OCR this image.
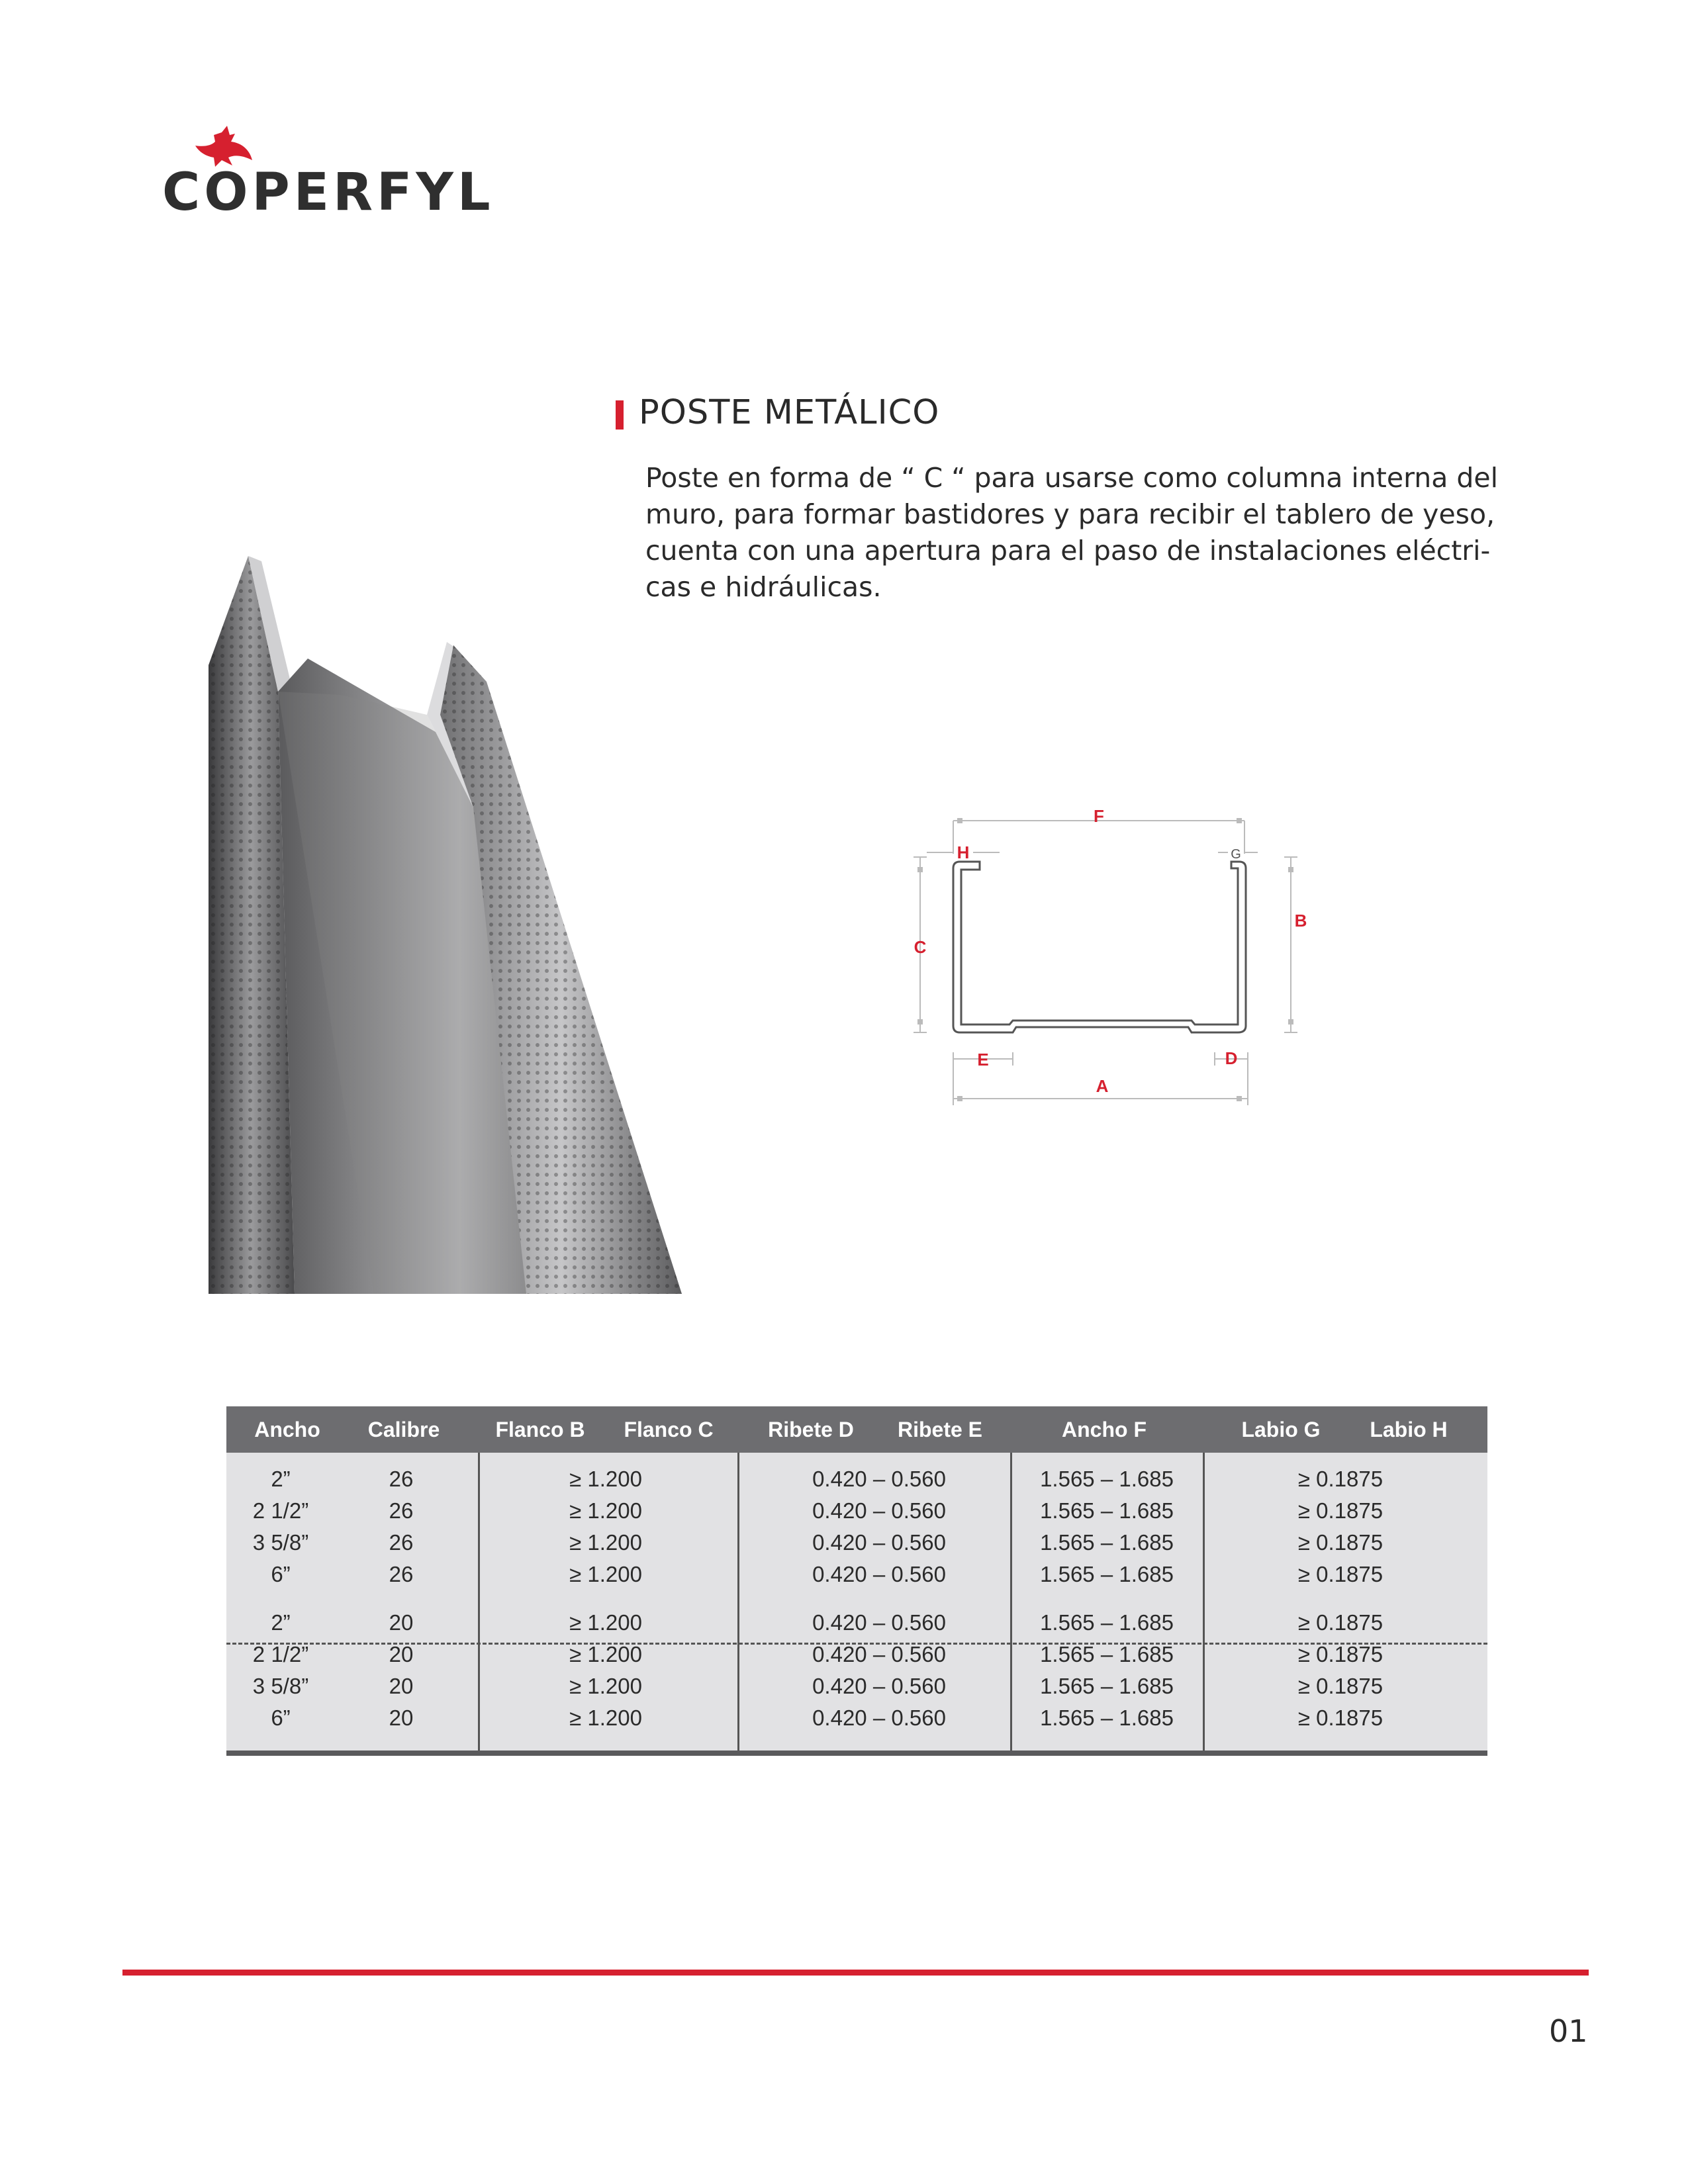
COPERFYL
POSTE METÁLICO
Poste en forma de “ C “ para usarse como columna interna del
muro, para formar bastidores y para recibir el tablero de yeso,
cuenta con una apertura para el paso de instalaciones eléctri-
cas e hidráulicas.
F
H
C
B
E	D
A
G
Ancho Calibre	Flanco B Flanco C	Ribete D Ribete E	Ancho F	Labio G Labio H
2”	26	≥ 1.200	0.420 – 0.560	1.565 – 1.685	≥ 0.1875
2 1/2”	26	≥ 1.200	0.420 – 0.560	1.565 – 1.685	≥ 0.1875
3 5/8”	26	≥ 1.200	0.420 – 0.560	1.565 – 1.685	≥ 0.1875
6”	26	≥ 1.200	0.420 – 0.560	1.565 – 1.685	≥ 0.1875
2”	20	≥ 1.200	0.420 – 0.560	1.565 – 1.685	≥ 0.1875
2 1/2”	20	≥ 1.200	0.420 – 0.560	1.565 – 1.685	≥ 0.1875
3 5/8”	20	≥ 1.200	0.420 – 0.560	1.565 – 1.685	≥ 0.1875
6”	20	≥ 1.200	0.420 – 0.560	1.565 – 1.685	≥ 0.1875
01
